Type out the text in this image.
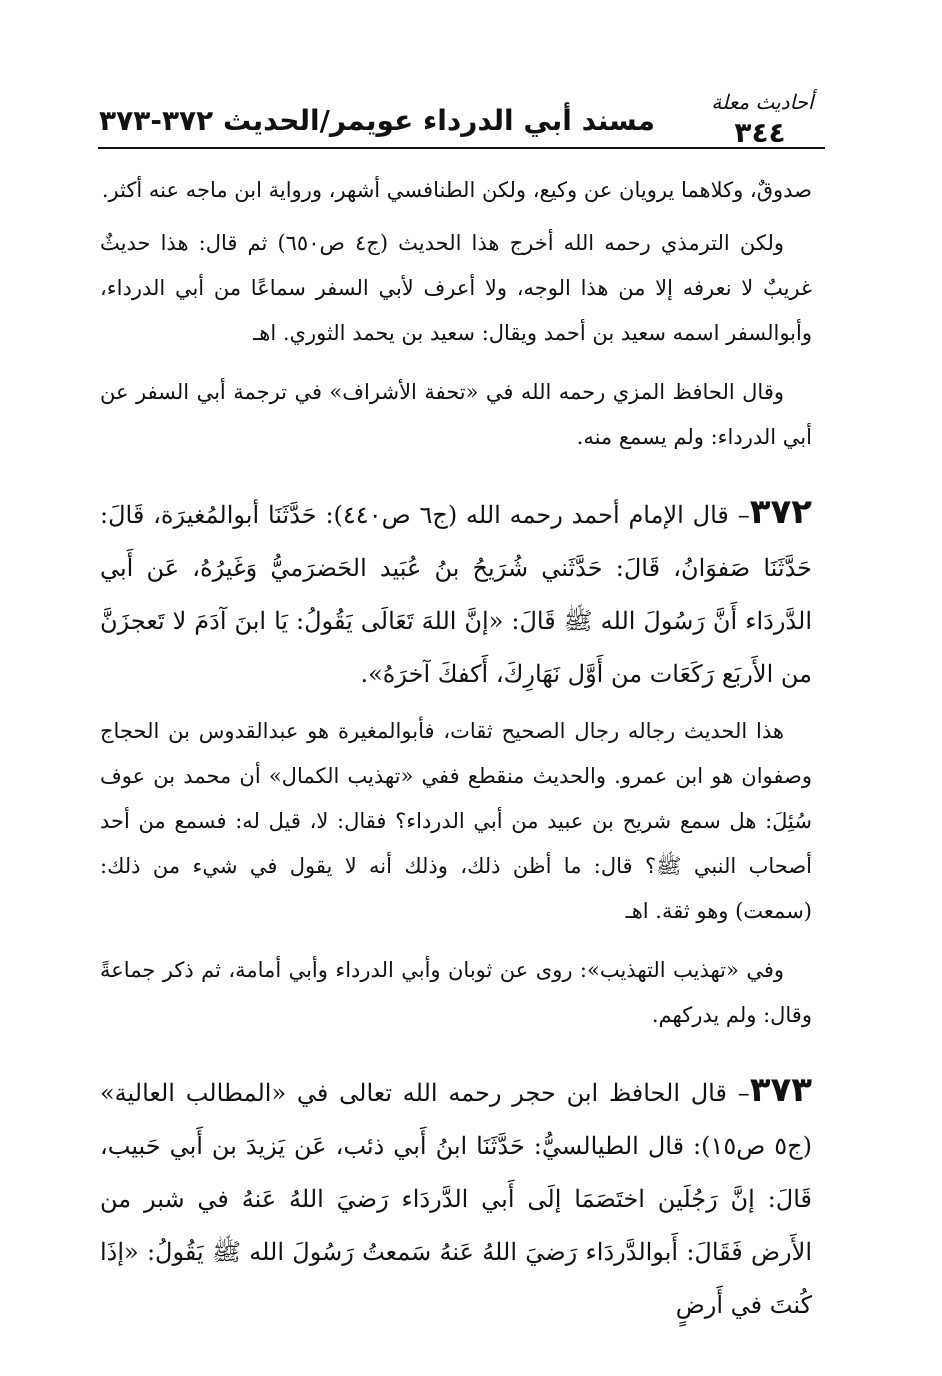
أحاديث معلة
٣٤٤
مسند أبي الدرداء عويمر/الحديث ٣٧٢-٣٧٣

صدوقٌ، وكلاهما يرويان عن وكيع، ولكن الطنافسي أشهر، ورواية ابن ماجه عنه أكثر.

ولكن الترمذي رحمه الله أخرج هذا الحديث (ج٤ ص٦٥٠) ثم قال: هذا حديثٌ غريبٌ لا نعرفه إلا من هذا الوجه، ولا أعرف لأبي السفر سماعًا من أبي الدرداء، وأبوالسفر اسمه سعيد بن أحمد ويقال: سعيد بن يحمد الثوري. اهـ

وقال الحافظ المزي رحمه الله في «تحفة الأشراف» في ترجمة أبي السفر عن أبي الدرداء: ولم يسمع منه.

٣٧٢– قال الإمام أحمد رحمه الله (ج٦ ص٤٤٠): حَدَّثَنَا أبوالمُغيرَة، قَالَ: حَدَّثَنَا صَفوَانُ، قَالَ: حَدَّثَني شُرَيحُ بنُ عُبَيد الحَضرَميُّ وَغَيرُهُ، عَن أَبي الدَّردَاء أَنَّ رَسُولَ الله ﷺ قَالَ: «إنَّ اللهَ تَعَالَى يَقُولُ: يَا ابنَ آدَمَ لا تَعجزَنَّ من الأَربَع رَكَعَات من أَوَّل نَهَارِكَ، أَكفكَ آخرَهُ».

هذا الحديث رجاله رجال الصحيح ثقات، فأبوالمغيرة هو عبدالقدوس بن الحجاج وصفوان هو ابن عمرو. والحديث منقطع ففي «تهذيب الكمال» أن محمد بن عوف سُئِلَ: هل سمع شريح بن عبيد من أبي الدرداء؟ فقال: لا، قيل له: فسمع من أحد أصحاب النبي ﷺ؟ قال: ما أظن ذلك، وذلك أنه لا يقول في شيء من ذلك: (سمعت) وهو ثقة. اهـ

وفي «تهذيب التهذيب»: روى عن ثوبان وأبي الدرداء وأبي أمامة، ثم ذكر جماعةً وقال: ولم يدركهم.

٣٧٣– قال الحافظ ابن حجر رحمه الله تعالى في «المطالب العالية» (ج٥ ص١٥): قال الطيالسيُّ: حَدَّثَنَا ابنُ أَبي ذئب، عَن يَزيدَ بن أَبي حَبيب، قَالَ: إنَّ رَجُلَين اختَصَمَا إلَى أَبي الدَّردَاء رَضيَ اللهُ عَنهُ في شبر من الأَرض فَقَالَ: أَبوالدَّردَاء رَضيَ اللهُ عَنهُ سَمعتُ رَسُولَ الله ﷺ يَقُولُ: «إذَا كُنتَ في أَرضٍ
